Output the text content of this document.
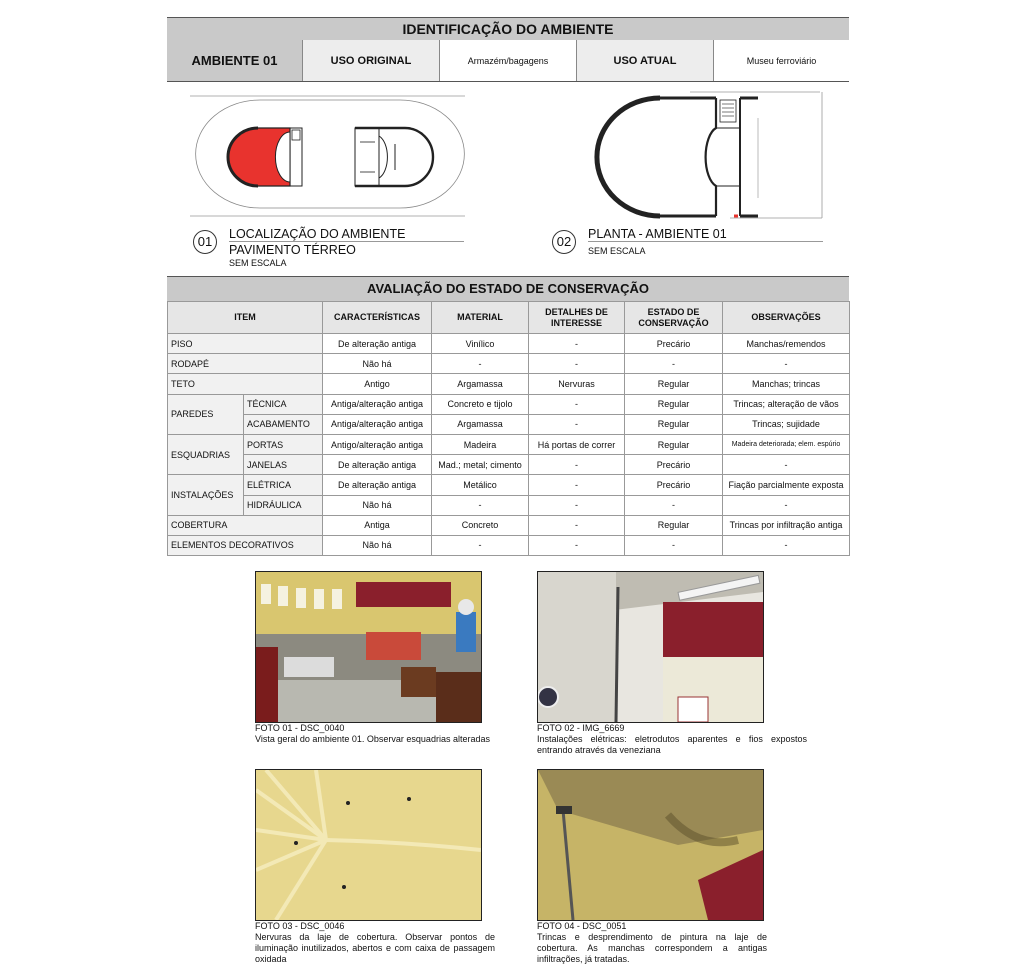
IDENTIFICAÇÃO DO AMBIENTE
AMBIENTE 01	USO ORIGINAL	Armazém/bagagens	USO ATUAL	Museu ferroviário
01	LOCALIZAÇÃO DO AMBIENTE
PAVIMENTO TÉRREO
SEM ESCALA
02	PLANTA - AMBIENTE 01
SEM ESCALA
AVALIAÇÃO DO ESTADO DE CONSERVAÇÃO
ITEM		CARACTERÍSTICAS	MATERIAL	DETALHES DE INTERESSE	ESTADO DE CONSERVAÇÃO	OBSERVAÇÕES
PISO		De alteração antiga	Vinílico	-	Precário	Manchas/remendos
RODAPÉ		Não há	-	-	-	-
TETO		Antigo	Argamassa	Nervuras	Regular	Manchas; trincas
PAREDES	TÉCNICA	Antiga/alteração antiga	Concreto e tijolo	-	Regular	Trincas; alteração de vãos
	ACABAMENTO	Antiga/alteração antiga	Argamassa	-	Regular	Trincas; sujidade
ESQUADRIAS	PORTAS	Antigo/alteração antiga	Madeira	Há portas de correr	Regular	Madeira deteriorada; elem. espúrio
	JANELAS	De alteração antiga	Mad.; metal; cimento	-	Precário	-
INSTALAÇÕES	ELÉTRICA	De alteração antiga	Metálico	-	Precário	Fiação parcialmente exposta
	HIDRÁULICA	Não há	-	-	-	-
COBERTURA		Antiga	Concreto	-	Regular	Trincas por infiltração antiga
ELEMENTOS DECORATIVOS		Não há	-	-	-	-
FOTO 01 - DSC_0040
Vista geral do ambiente 01. Observar esquadrias alteradas
FOTO 02 - IMG_6669
Instalações elétricas: eletrodutos aparentes e fios expostos entrando através da veneziana
FOTO 03 - DSC_0046
Nervuras da laje de cobertura. Observar pontos de iluminação inutilizados, abertos e com caixa de passagem oxidada
FOTO 04 - DSC_0051
Trincas e desprendimento de pintura na laje de cobertura. As manchas correspondem a antigas infiltrações, já tratadas.
